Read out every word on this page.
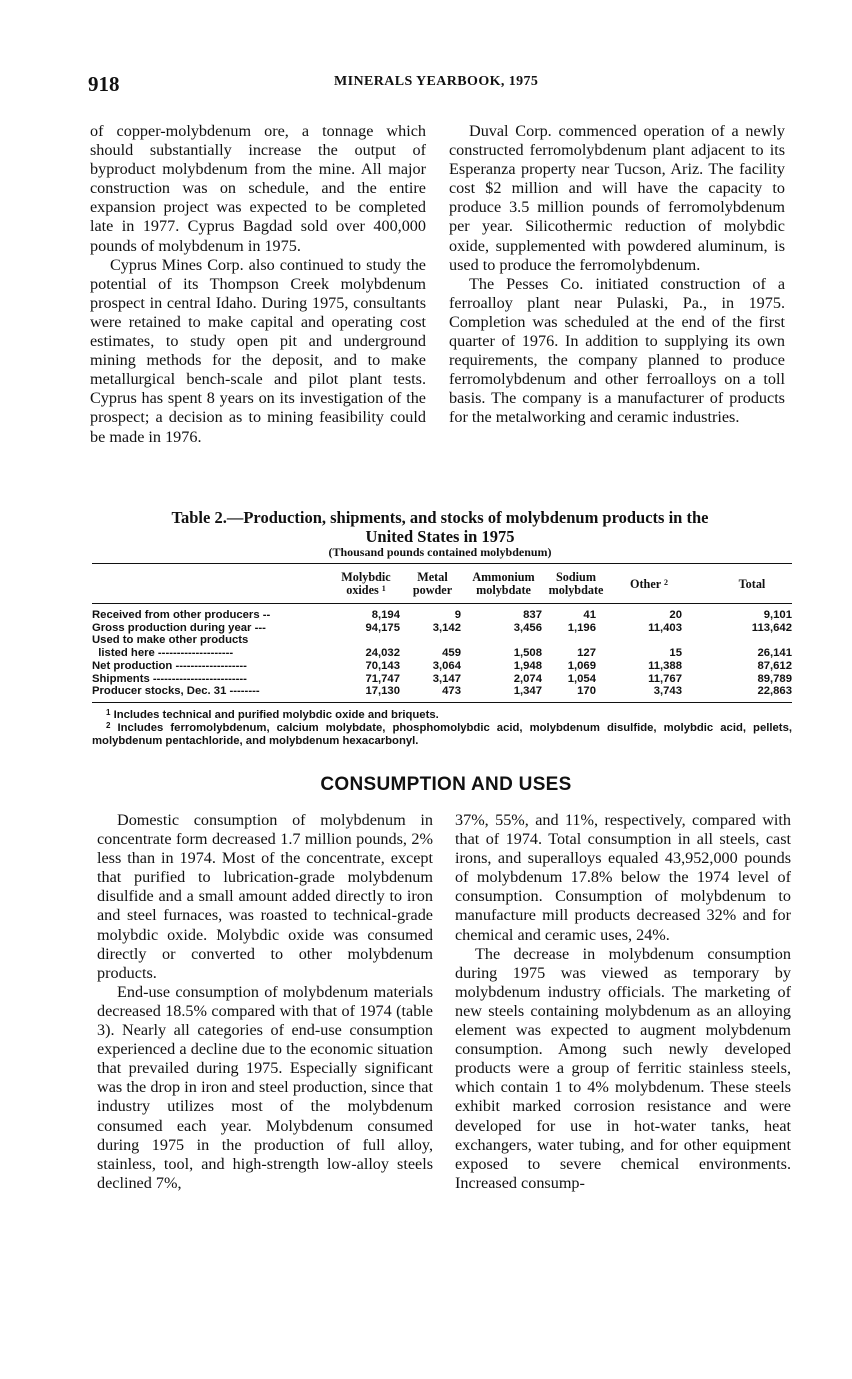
918	MINERALS YEARBOOK, 1975

of copper-molybdenum ore, a tonnage which should substantially increase the output of byproduct molybdenum from the mine. All major construction was on schedule, and the entire expansion project was expected to be completed late in 1977. Cyprus Bagdad sold over 400,000 pounds of molybdenum in 1975.

Cyprus Mines Corp. also continued to study the potential of its Thompson Creek molybdenum prospect in central Idaho. During 1975, consultants were retained to make capital and operating cost estimates, to study open pit and underground mining methods for the deposit, and to make metallurgical bench-scale and pilot plant tests. Cyprus has spent 8 years on its investigation of the prospect; a decision as to mining feasibility could be made in 1976.

Duval Corp. commenced operation of a newly constructed ferromolybdenum plant adjacent to its Esperanza property near Tucson, Ariz. The facility cost $2 million and will have the capacity to produce 3.5 million pounds of ferromolybdenum per year. Silicothermic reduction of molybdic oxide, supplemented with powdered aluminum, is used to produce the ferromolybdenum.

The Pesses Co. initiated construction of a ferroalloy plant near Pulaski, Pa., in 1975. Completion was scheduled at the end of the first quarter of 1976. In addition to supplying its own requirements, the company planned to produce ferromolybdenum and other ferroalloys on a toll basis. The company is a manufacturer of products for the metalworking and ceramic industries.

Table 2.—Production, shipments, and stocks of molybdenum products in the
United States in 1975
(Thousand pounds contained molybdenum)
	Molybdic
oxides $^1$	Metal
powder	Ammonium
molybdate	Sodium
molybdate	Other $^2$	Total
Received from other producers --	8,194	9	837	41	20	9,101
Gross production during year ---	94,175	3,142	3,456	1,196	11,403	113,642
Used to make other products						
listed here --------------------	24,032	459	1,508	127	15	26,141
Net production -------------------	70,143	3,064	1,948	1,069	11,388	87,612
Shipments -------------------------	71,747	3,147	2,074	1,054	11,767	89,789
Producer stocks, Dec. 31 --------	17,130	473	1,347	170	3,743	22,863

$^1$ Includes technical and purified molybdic oxide and briquets.

$^2$ Includes ferromolybdenum, calcium molybdate, phosphomolybdic acid, molybdenum disulfide, molybdic acid, pellets, molybdenum pentachloride, and molybdenum hexacarbonyl.

CONSUMPTION AND USES

Domestic consumption of molybdenum in concentrate form decreased 1.7 million pounds, 2% less than in 1974. Most of the concentrate, except that purified to lubrication-grade molybdenum disulfide and a small amount added directly to iron and steel furnaces, was roasted to technical-grade molybdic oxide. Molybdic oxide was consumed directly or converted to other molybdenum products.

End-use consumption of molybdenum materials decreased 18.5% compared with that of 1974 (table 3). Nearly all categories of end-use consumption experienced a decline due to the economic situation that prevailed during 1975. Especially significant was the drop in iron and steel production, since that industry utilizes most of the molybdenum consumed each year. Molybdenum consumed during 1975 in the production of full alloy, stainless, tool, and high-strength low-alloy steels declined 7%,

37%, 55%, and 11%, respectively, compared with that of 1974. Total consumption in all steels, cast irons, and superalloys equaled 43,952,000 pounds of molybdenum 17.8% below the 1974 level of consumption. Consumption of molybdenum to manufacture mill products decreased 32% and for chemical and ceramic uses, 24%.

The decrease in molybdenum consumption during 1975 was viewed as temporary by molybdenum industry officials. The marketing of new steels containing molybdenum as an alloying element was expected to augment molybdenum consumption. Among such newly developed products were a group of ferritic stainless steels, which contain 1 to 4% molybdenum. These steels exhibit marked corrosion resistance and were developed for use in hot-water tanks, heat exchangers, water tubing, and for other equipment exposed to severe chemical environments. Increased consump-
